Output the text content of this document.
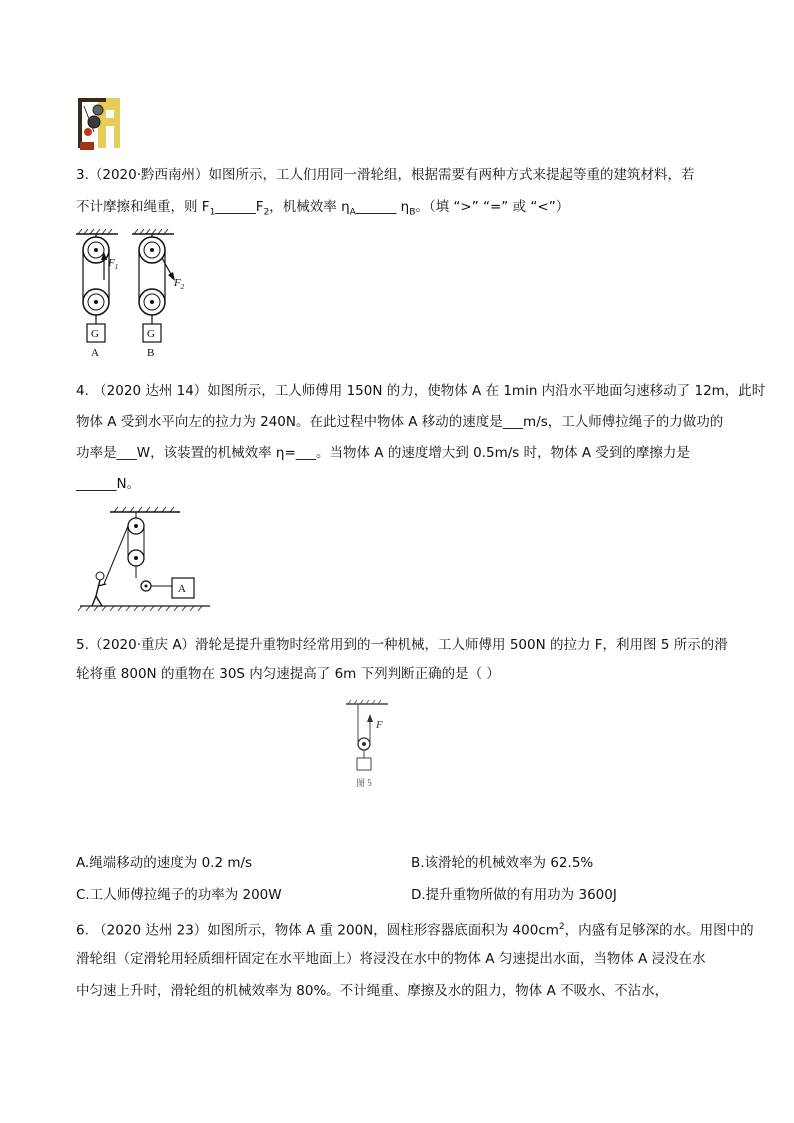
3.（2020·黔西南州）如图所示，工人们用同一滑轮组，根据需要有两种方式来提起等重的建筑材料，若
不计摩擦和绳重，则 $F_1\_\_\_\_\_\_F_2$，机械效率 $\eta_A\_\_\_\_\_\_$ $\eta_B$。（填 “>” “=” 或 “<”）
G
A
$F_1$
G
B
$F_2$
4. （2020 达州 14）如图所示，工人师傅用 150N 的力，使物体 A 在 1min 内沿水平地面匀速移动了 12m，此时
物体 A 受到水平向左的拉力为 240N。在此过程中物体 A 移动的速度是___m/s，工人师傅拉绳子的力做功的
功率是___W，该装置的机械效率 η=___。当物体 A 的速度增大到 0.5m/s 时，物体 A 受到的摩擦力是
______N。
A
5.（2020·重庆 A）滑轮是提升重物时经常用到的一种机械，工人师傅用 500N 的拉力 F，利用图 5 所示的滑
轮将重 800N 的重物在 30S 内匀速提高了 6m 下列判断正确的是（ ）
F
图 5
A.绳端移动的速度为 0.2 m/s	B.该滑轮的机械效率为 62.5%
C.工人师傅拉绳子的功率为 200W	D.提升重物所做的有用功为 3600J
6. （2020 达州 23）如图所示，物体 A 重 200N，圆柱形容器底面积为 $400cm^2$，内盛有足够深的水。用图中的
滑轮组（定滑轮用轻质细杆固定在水平地面上）将浸没在水中的物体 A 匀速提出水面，当物体 A 浸没在水
中匀速上升时，滑轮组的机械效率为 80%。不计绳重、摩擦及水的阻力，物体 A 不吸水、不沾水，
